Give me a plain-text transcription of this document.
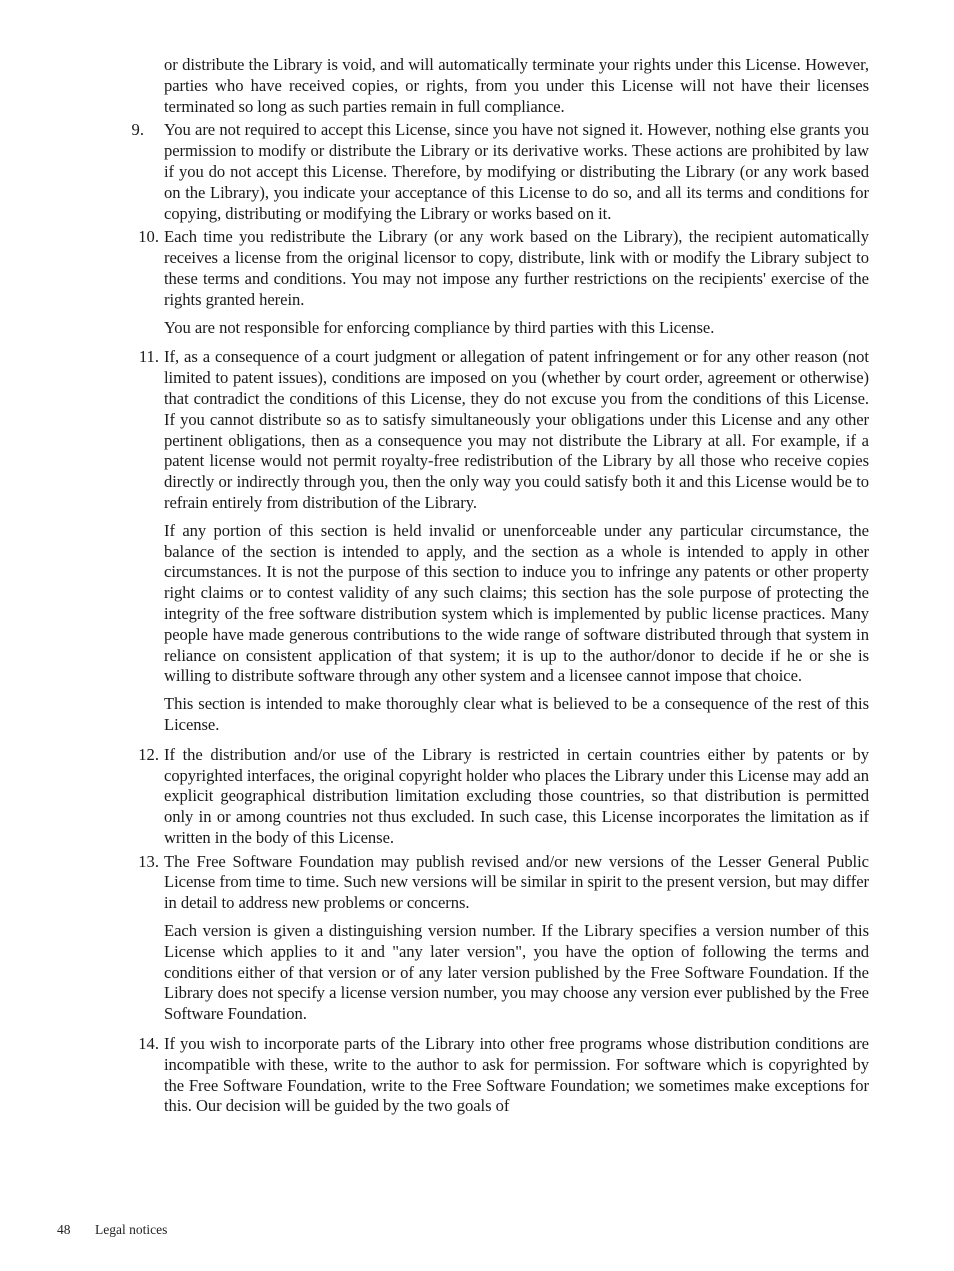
or distribute the Library is void, and will automatically terminate your rights under this License. However, parties who have received copies, or rights, from you under this License will not have their licenses terminated so long as such parties remain in full compliance.

9.	You are not required to accept this License, since you have not signed it. However, nothing else grants you permission to modify or distribute the Library or its derivative works. These actions are prohibited by law if you do not accept this License. Therefore, by modifying or distributing the Library (or any work based on the Library), you indicate your acceptance of this License to do so, and all its terms and conditions for copying, distributing or modifying the Library or works based on it.

10. Each time you redistribute the Library (or any work based on the Library), the recipient automatically receives a license from the original licensor to copy, distribute, link with or modify the Library subject to these terms and conditions. You may not impose any further restrictions on the recipients' exercise of the rights granted herein.

You are not responsible for enforcing compliance by third parties with this License.

11. If, as a consequence of a court judgment or allegation of patent infringement or for any other reason (not limited to patent issues), conditions are imposed on you (whether by court order, agreement or otherwise) that contradict the conditions of this License, they do not excuse you from the conditions of this License. If you cannot distribute so as to satisfy simultaneously your obligations under this License and any other pertinent obligations, then as a consequence you may not distribute the Library at all. For example, if a patent license would not permit royalty-free redistribution of the Library by all those who receive copies directly or indirectly through you, then the only way you could satisfy both it and this License would be to refrain entirely from distribution of the Library.

If any portion of this section is held invalid or unenforceable under any particular circumstance, the balance of the section is intended to apply, and the section as a whole is intended to apply in other circumstances. It is not the purpose of this section to induce you to infringe any patents or other property right claims or to contest validity of any such claims; this section has the sole purpose of protecting the integrity of the free software distribution system which is implemented by public license practices. Many people have made generous contributions to the wide range of software distributed through that system in reliance on consistent application of that system; it is up to the author/donor to decide if he or she is willing to distribute software through any other system and a licensee cannot impose that choice.

This section is intended to make thoroughly clear what is believed to be a consequence of the rest of this License.

12. If the distribution and/or use of the Library is restricted in certain countries either by patents or by copyrighted interfaces, the original copyright holder who places the Library under this License may add an explicit geographical distribution limitation excluding those countries, so that distribution is permitted only in or among countries not thus excluded. In such case, this License incorporates the limitation as if written in the body of this License.

13. The Free Software Foundation may publish revised and/or new versions of the Lesser General Public License from time to time. Such new versions will be similar in spirit to the present version, but may differ in detail to address new problems or concerns.

Each version is given a distinguishing version number. If the Library specifies a version number of this License which applies to it and "any later version", you have the option of following the terms and conditions either of that version or of any later version published by the Free Software Foundation. If the Library does not specify a license version number, you may choose any version ever published by the Free Software Foundation.

14. If you wish to incorporate parts of the Library into other free programs whose distribution conditions are incompatible with these, write to the author to ask for permission. For software which is copyrighted by the Free Software Foundation, write to the Free Software Foundation; we sometimes make exceptions for this. Our decision will be guided by the two goals of

48 Legal notices
